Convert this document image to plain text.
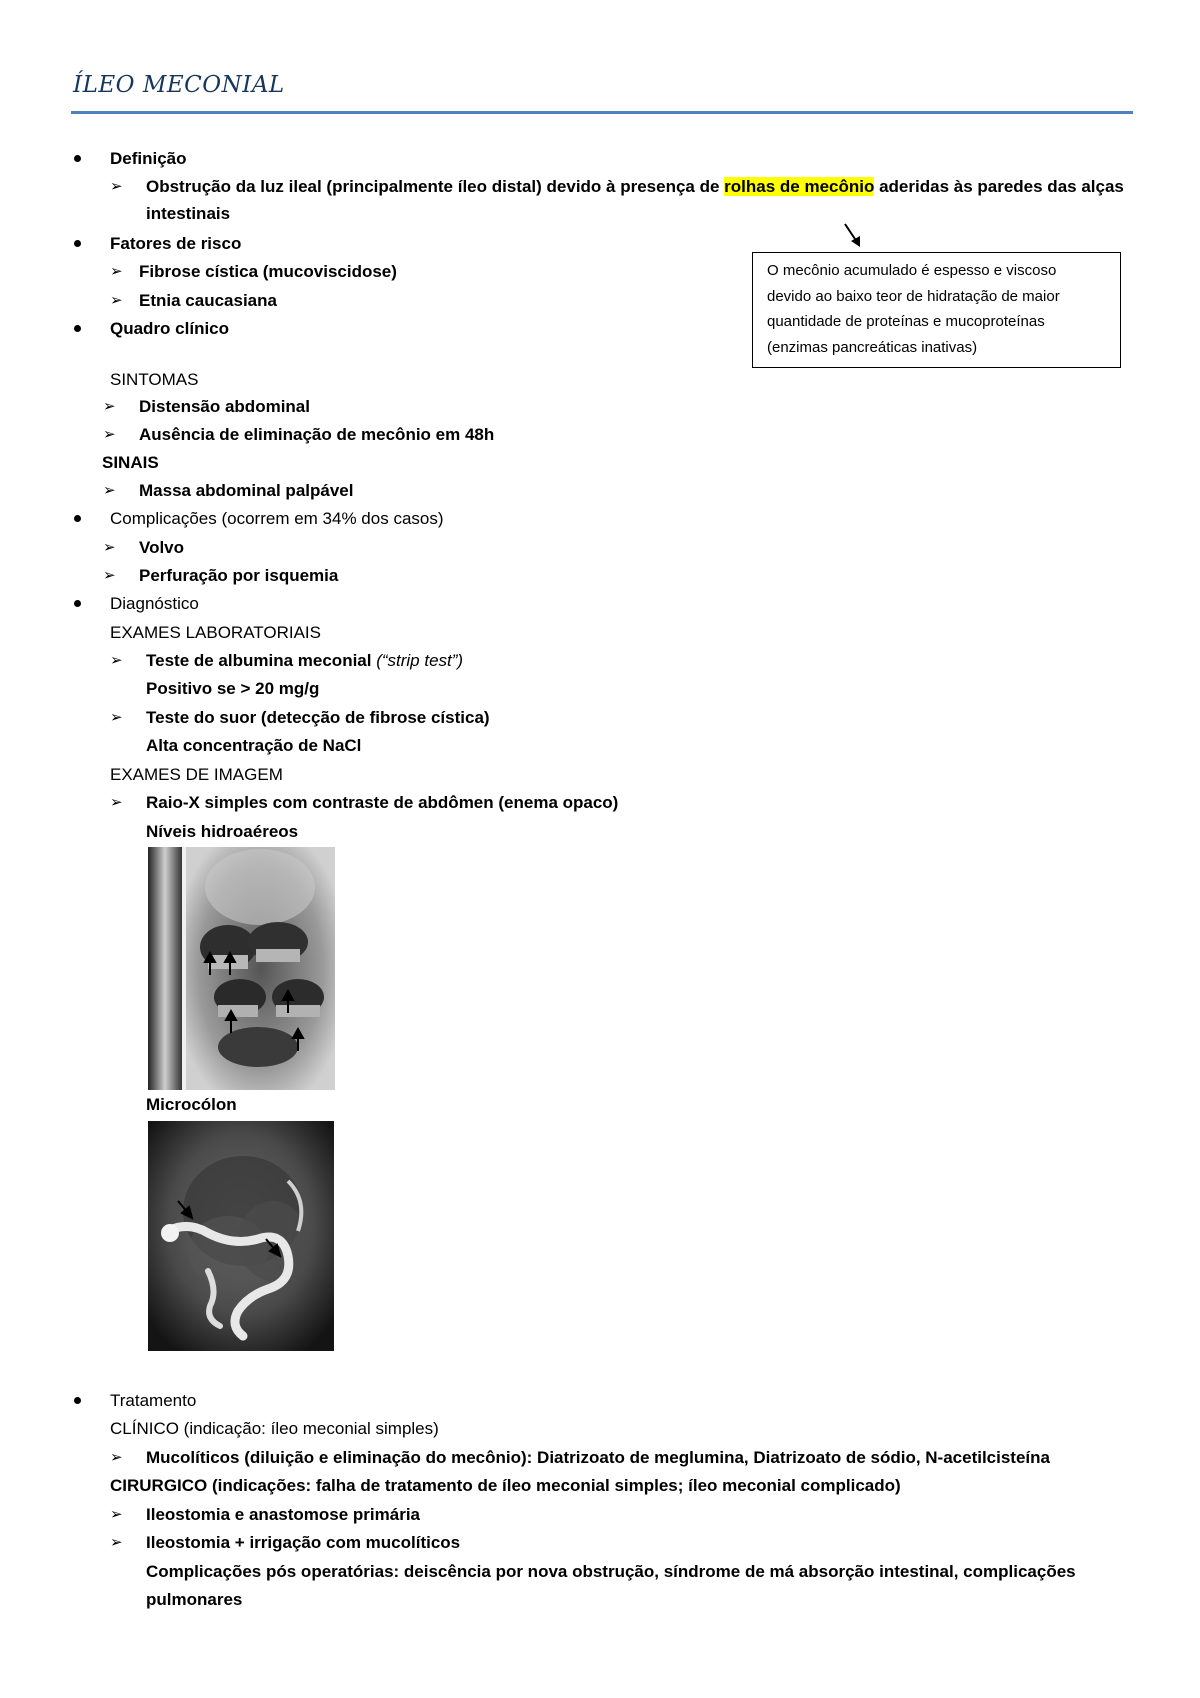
ÍLEO MECONIAL
Definição
➢ Obstrução da luz ileal (principalmente íleo distal) devido à presença de rolhas de mecônio aderidas às paredes das alças
intestinais
Fatores de risco
➢ Fibrose cística (mucoviscidose)
➢ Etnia caucasiana
O mecônio acumulado é espesso e viscoso
devido ao baixo teor de hidratação de maior
quantidade de proteínas e mucoproteínas
(enzimas pancreáticas inativas)
Quadro clínico
SINTOMAS
➢ Distensão abdominal
➢ Ausência de eliminação de mecônio em 48h
SINAIS
➢ Massa abdominal palpável
Complicações (ocorrem em 34% dos casos)
➢ Volvo
➢ Perfuração por isquemia
Diagnóstico
EXAMES LABORATORIAIS
➢ Teste de albumina meconial (“strip test”)
Positivo se > 20 mg/g
➢ Teste do suor (detecção de fibrose cística)
Alta concentração de NaCl
EXAMES DE IMAGEM
➢ Raio-X simples com contraste de abdômen (enema opaco)
Níveis hidroaéreos
Microcólon
Tratamento
CLÍNICO (indicação: íleo meconial simples)
➢ Mucolíticos (diluição e eliminação do mecônio): Diatrizoato de meglumina, Diatrizoato de sódio, N-acetilcisteína
CIRURGICO (indicações: falha de tratamento de íleo meconial simples; íleo meconial complicado)
➢ Ileostomia e anastomose primária
➢ Ileostomia + irrigação com mucolíticos
Complicações pós operatórias: deiscência por nova obstrução, síndrome de má absorção intestinal, complicações
pulmonares
